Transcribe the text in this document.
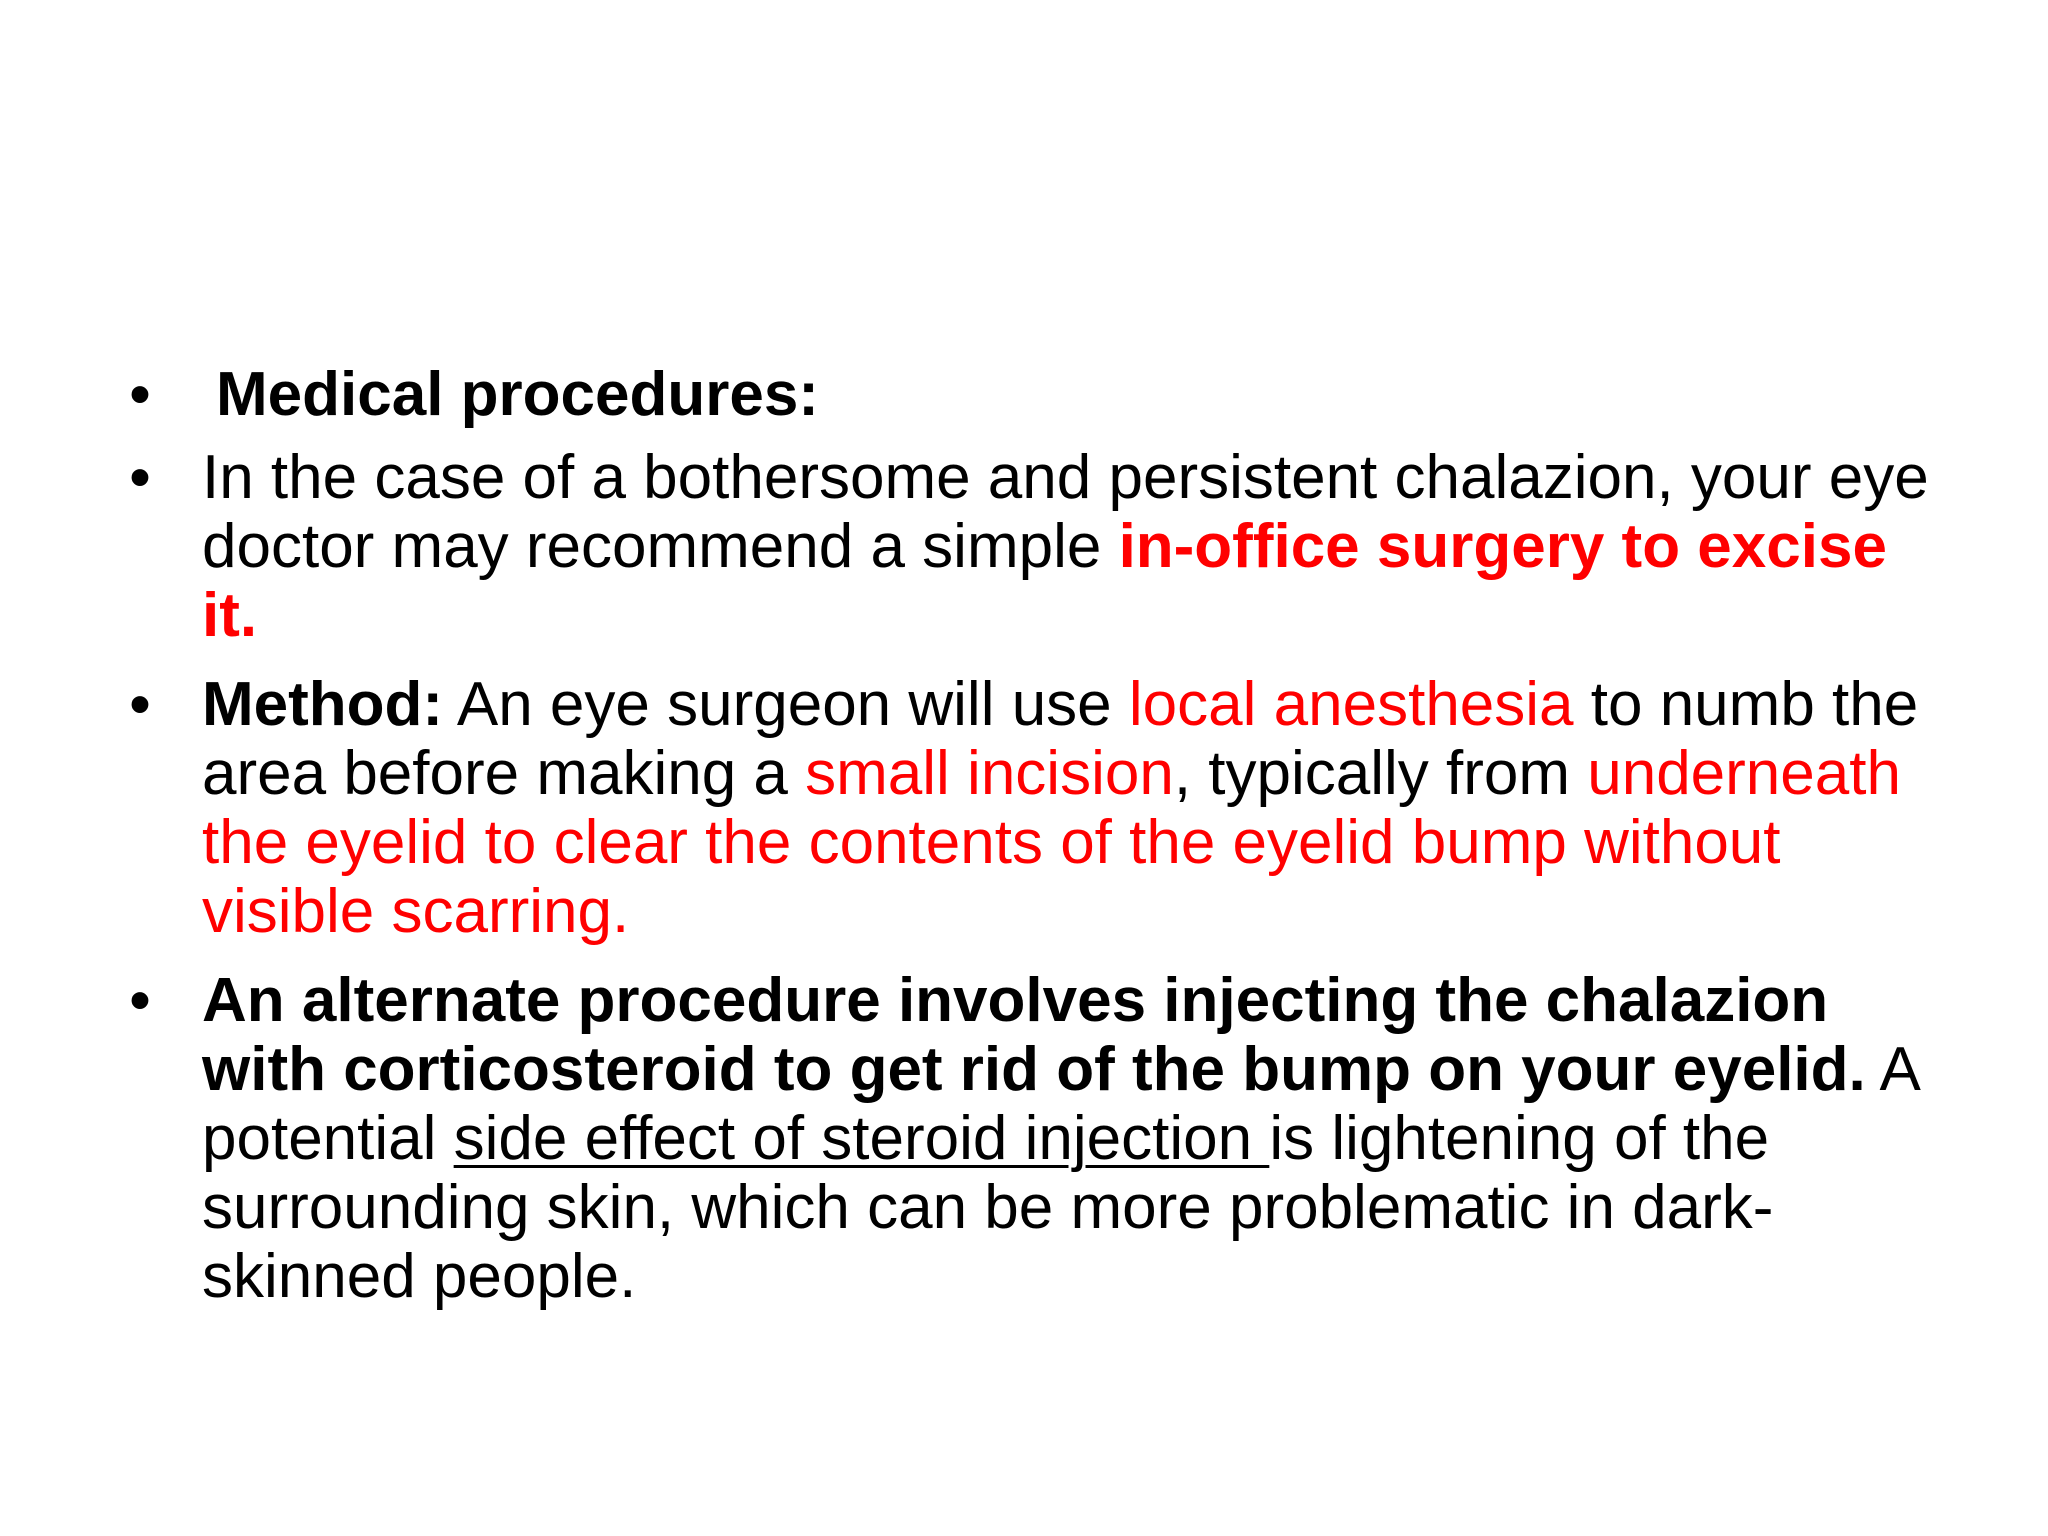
• Medical procedures:
• In the case of a bothersome and persistent chalazion, your eye doctor may recommend a simple in-office surgery to excise it.
• Method: An eye surgeon will use local anesthesia to numb the area before making a small incision, typically from underneath the eyelid to clear the contents of the eyelid bump without visible scarring.
• An alternate procedure involves injecting the chalazion with corticosteroid to get rid of the bump on your eyelid. A potential side effect of steroid injection is lightening of the surrounding skin, which can be more problematic in dark-skinned people.
